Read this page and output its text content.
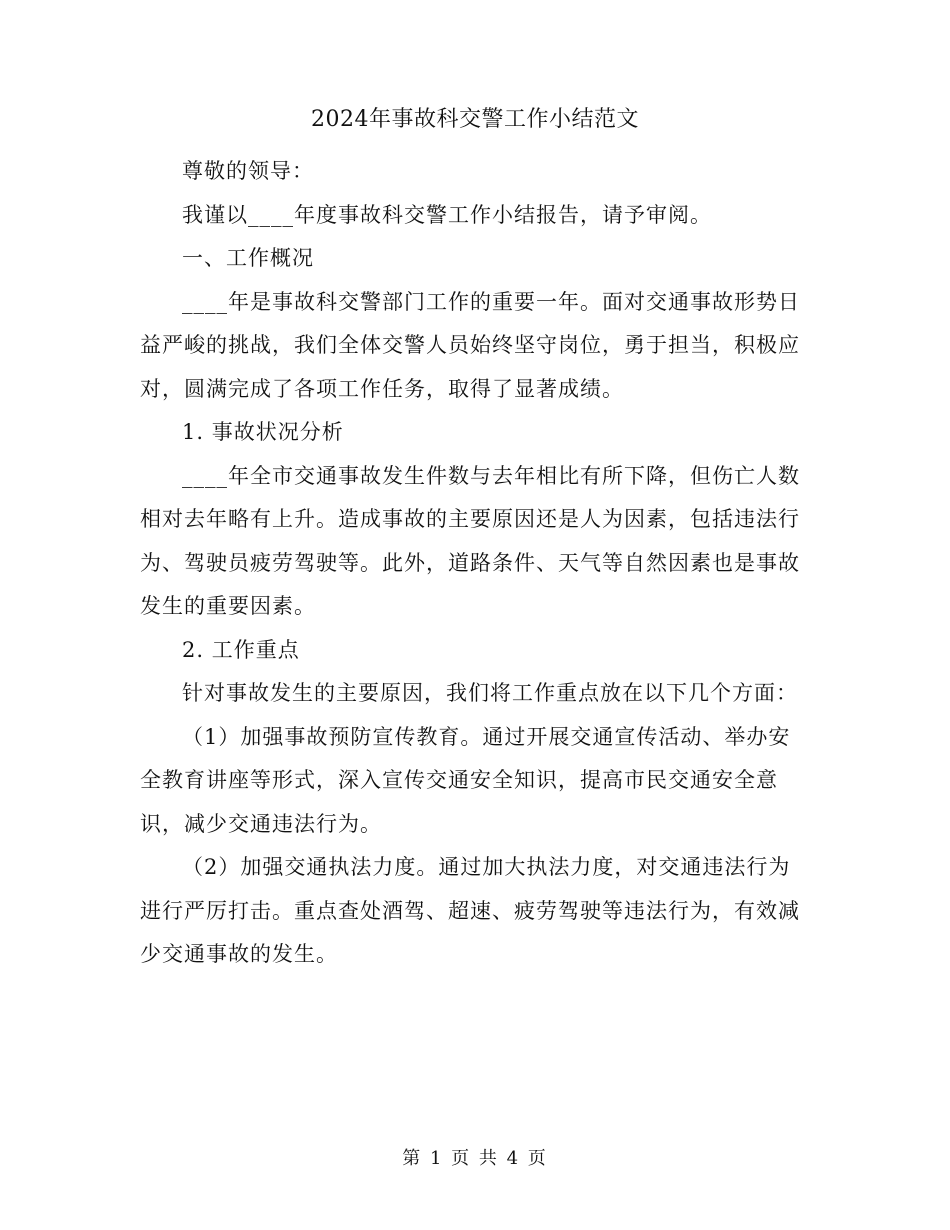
2024年事故科交警工作小结范文

尊敬的领导：

我谨以____年度事故科交警工作小结报告，请予审阅。

一、工作概况

____年是事故科交警部门工作的重要一年。面对交通事故形势日益严峻的挑战，我们全体交警人员始终坚守岗位，勇于担当，积极应对，圆满完成了各项工作任务，取得了显著成绩。

1. 事故状况分析

____年全市交通事故发生件数与去年相比有所下降，但伤亡人数相对去年略有上升。造成事故的主要原因还是人为因素，包括违法行为、驾驶员疲劳驾驶等。此外，道路条件、天气等自然因素也是事故发生的重要因素。

2. 工作重点

针对事故发生的主要原因，我们将工作重点放在以下几个方面：

（1）加强事故预防宣传教育。通过开展交通宣传活动、举办安全教育讲座等形式，深入宣传交通安全知识，提高市民交通安全意识，减少交通违法行为。

（2）加强交通执法力度。通过加大执法力度，对交通违法行为进行严厉打击。重点查处酒驾、超速、疲劳驾驶等违法行为，有效减少交通事故的发生。

第 1 页 共 4 页
